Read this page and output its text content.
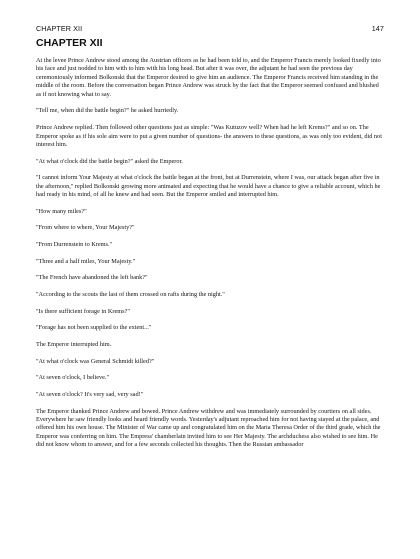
CHAPTER XII	147
CHAPTER XII

At the levee Prince Andrew stood among the Austrian officers as he had been told to, and the Emperor Francis merely looked fixedly into his face and just nodded to him with to him with his long head. But after it was over, the adjutant he had seen the previous day ceremoniously informed Bolkonski that the Emperor desired to give him an audience. The Emperor Francis received him standing in the middle of the room. Before the conversation began Prince Andrew was struck by the fact that the Emperor seemed confused and blushed as if not knowing what to say.

"Tell me, when did the battle begin?" he asked hurriedly.

Prince Andrew replied. Then followed other questions just as simple: "Was Kutuzov well? When had he left Krems?" and so on. The Emperor spoke as if his sole aim were to put a given number of questions- the answers to these questions, as was only too evident, did not interest him.

"At what o'clock did the battle begin?" asked the Emperor.

"I cannot inform Your Majesty at what o'clock the battle began at the front, but at Durrenstein, where I was, our attack began after five in the afternoon," replied Bolkonski growing more animated and expecting that he would have a chance to give a reliable account, which he had ready in his mind, of all he knew and had seen. But the Emperor smiled and interrupted him.

"How many miles?"

"From where to where, Your Majesty?"

"From Durrenstein to Krems."

"Three and a half miles, Your Majesty."

"The French have abandoned the left bank?"

"According to the scouts the last of them crossed on rafts during the night."

"Is there sufficient forage in Krems?"

"Forage has not been supplied to the extent..."

The Emperor interrupted him.

"At what o'clock was General Schmidt killed?"

"At seven o'clock, I believe."

"At seven o'clock? It's very sad, very sad!"

The Emperor thanked Prince Andrew and bowed. Prince Andrew withdrew and was immediately surrounded by courtiers on all sides. Everywhere he saw friendly looks and heard friendly words. Yesterday's adjutant reproached him for not having stayed at the palace, and offered him his own house. The Minister of War came up and congratulated him on the Maria Theresa Order of the third grade, which the Emperor was conferring on him. The Empress' chamberlain invited him to see Her Majesty. The archduchess also wished to see him. He did not know whom to answer, and for a few seconds collected his thoughts. Then the Russian ambassador
